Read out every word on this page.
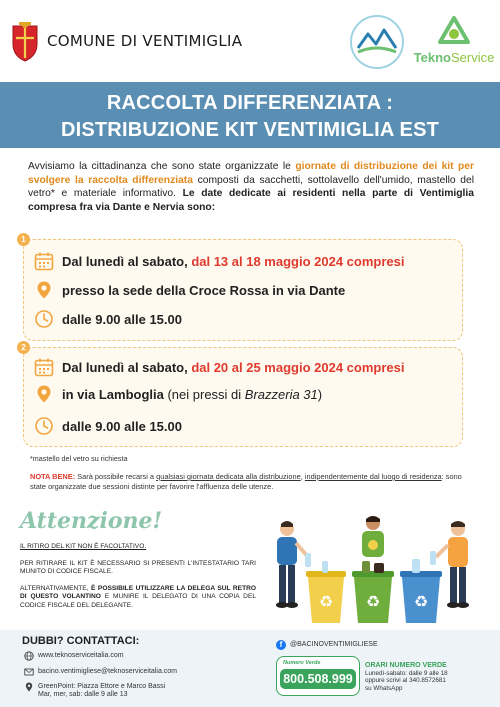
COMUNE DI VENTIMIGLIA
TeknoService
RACCOLTA DIFFERENZIATA :
DISTRIBUZIONE KIT VENTIMIGLIA EST
Avvisiamo la cittadinanza che sono state organizzate le giornate di distribuzione dei kit per svolgere la raccolta differenziata composti da sacchetti, sottolavello dell'umido, mastello del vetro* e materiale informativo. Le date dedicate ai residenti nella parte di Ventimiglia compresa fra via Dante e Nervia sono:
1
Dal lunedì al sabato, dal 13 al 18 maggio 2024 compresi
presso la sede della Croce Rossa in via Dante
dalle 9.00 alle 15.00
2
Dal lunedì al sabato, dal 20 al 25 maggio 2024 compresi
in via Lamboglia (nei pressi di Brazzeria 31)
dalle 9.00 alle 15.00
*mastello del vetro su richiesta
NOTA BENE: Sarà possibile recarsi a qualsiasi giornata dedicata alla distribuzione, indipendentemente dal luogo di residenza: sono state organizzate due sessioni distinte per favorire l'affluenza delle utenze.
Attenzione!

IL RITIRO DEL KIT NON È FACOLTATIVO.

PER RITIRARE IL KIT È NECESSARIO SI PRESENTI L'INTESTATARIO TARI MUNITO DI CODICE FISCALE.

ALTERNATIVAMENTE, È POSSIBILE UTILIZZARE LA DELEGA SUL RETRO DI QUESTO VOLANTINO E MUNIRE IL DELEGATO DI UNA COPIA DEL CODICE FISCALE DEL DELEGANTE.	♻ ♻ ♻
DUBBI? CONTATTACI:
www.teknoserviceitalia.com
bacino.ventimigliese@teknoserviceitalia.com
GreenPoint: Piazza Ettore e Marco Bassi
Mar, mer, sab: dalle 9 alle 13
f	@BACINOVENTIMIGLIESE
Numero Verde
800.508.999
ORARI NUMERO VERDE
Lunedì-sabato: dalle 9 alle 18
oppure scrivi al 340.8572681
su WhatsApp
